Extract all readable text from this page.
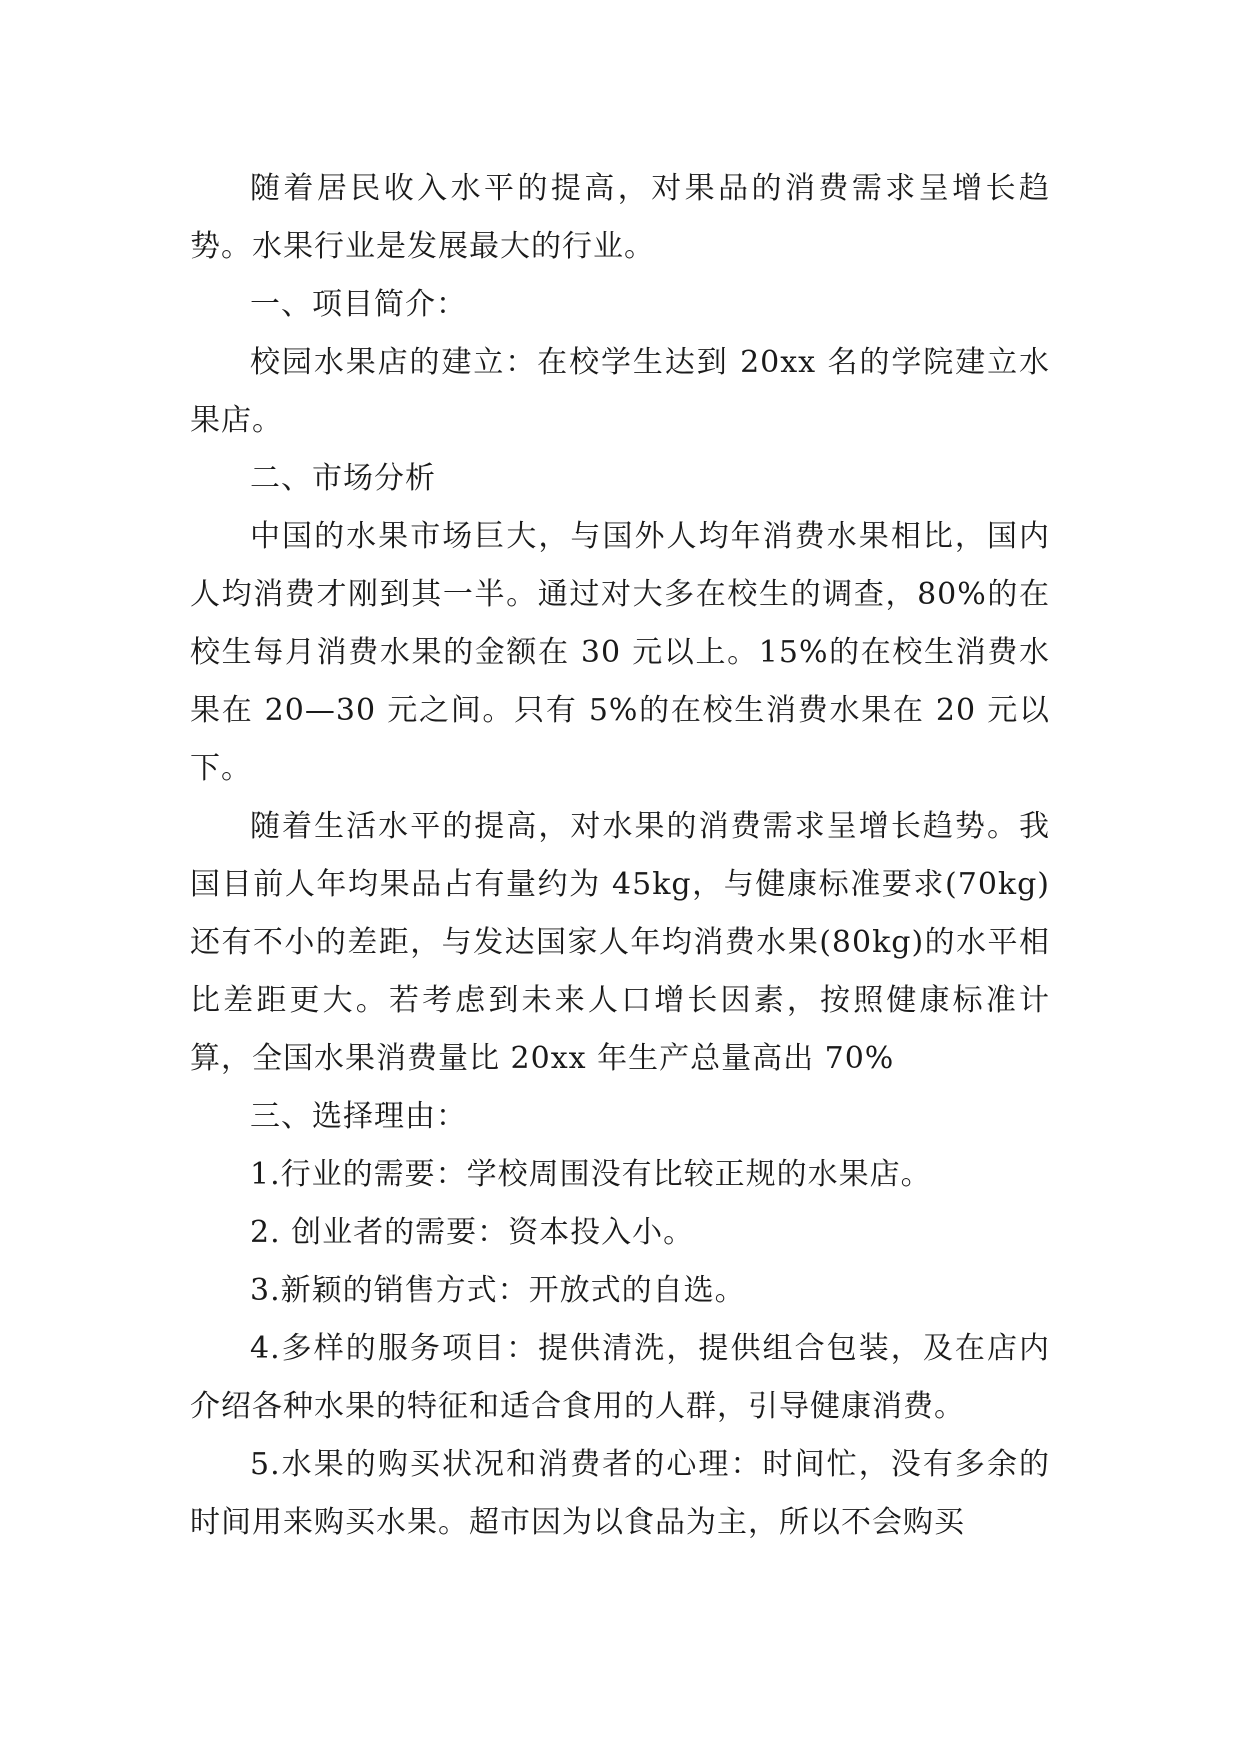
随着居民收入水平的提高，对果品的消费需求呈增长趋势。水果行业是发展最大的行业。

一、项目简介：

校园水果店的建立：在校学生达到 20xx 名的学院建立水果店。

二、市场分析

中国的水果市场巨大，与国外人均年消费水果相比，国内人均消费才刚到其一半。通过对大多在校生的调查，80%的在校生每月消费水果的金额在 30 元以上。15%的在校生消费水果在 20—30 元之间。只有 5%的在校生消费水果在 20 元以下。

随着生活水平的提高，对水果的消费需求呈增长趋势。我国目前人年均果品占有量约为 45kg，与健康标准要求(70kg)还有不小的差距，与发达国家人年均消费水果(80kg)的水平相比差距更大。若考虑到未来人口增长因素，按照健康标准计算，全国水果消费量比 20xx 年生产总量高出 70%

三、选择理由：

1.行业的需要：学校周围没有比较正规的水果店。

2. 创业者的需要：资本投入小。

3.新颖的销售方式：开放式的自选。

4.多样的服务项目：提供清洗，提供组合包装，及在店内介绍各种水果的特征和适合食用的人群，引导健康消费。

5.水果的购买状况和消费者的心理：时间忙，没有多余的时间用来购买水果。超市因为以食品为主，所以不会购买
